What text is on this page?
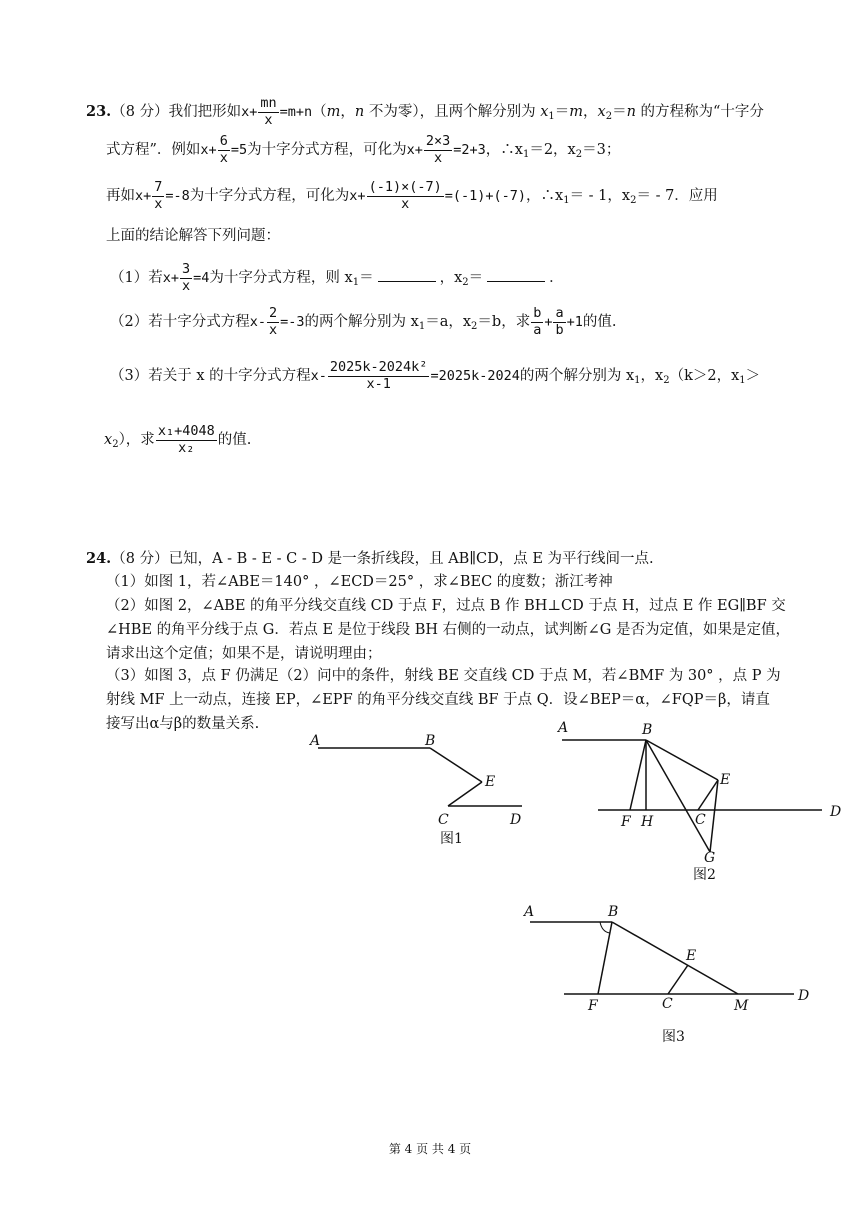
23.（8 分）我们把形如$x+ \frac{mn}{x} =m+n(m$，n 不为零），且两个解分别为 $x_1=m$，$x_2=n$ 的方程称为“十字分
式方程”．例如$x+ \frac{6}{x} =5$为十字分式方程，可化为$x+ \frac{2\times 3}{x} =2+3$，$\therefore x_1=2$，$x_2=3$；
再如$x+ \frac{7}{x} =-8$为十字分式方程，可化为$x+ \frac{(-1)\times(-7)}{x} =(-1)+(-7)$，$\therefore x_1= - 1$，$x_2= - 7$．应用
上面的结论解答下列问题：
（1）若$x+ \frac{3}{x} =4$为十字分式方程，则 $x_1=$	，$x_2=$	．
（2）若十字分式方程$x- \frac{2}{x} =-3$的两个解分别为 $x_1=a$，$x_2=b$，求 $\frac{b}{a} + \frac{a}{b} +1$的值.
（3）若关于 x 的十字分式方程$x- \frac{\text{2025k-2024k²}}{x-1} =2025k-2024$的两个解分别为 $x_1$，$x_2(k>2$，$x_1>$
$x_2$），求 $\frac{\text{x₁+4048}}{\text{x₂}}$ 的值.
24.（8 分）已知，A - B - E - C - D 是一条折线段，且 AB∥CD，点 E 为平行线间一点.
（1）如图 1，若∠ABE＝140° ，∠ECD＝25° ，求∠BEC 的度数；浙江考神
（2）如图 2，∠ABE 的角平分线交直线 CD 于点 F，过点 B 作 BH⊥CD 于点 H，过点 E 作 EG∥BF 交
∠HBE 的角平分线于点 G．若点 E 是位于线段 BH 右侧的一动点，试判断∠G 是否为定值，如果是定值，
请求出这个定值；如果不是，请说明理由；
（3）如图 3，点 F 仍满足（2）问中的条件，射线 BE 交直线 CD 于点 M，若∠BMF 为 30° ，点 P 为
射线 MF 上一动点，连接 EP，∠EPF 的角平分线交直线 BF 于点 Q．设∠BEP＝α，∠FQP＝β，请直
接写出α与β的数量关系.
A	B
E
C	D
图1
A	B
E
F H	C	D
G
图2
A	B
E
F	C	M
D
图3
第 4 页 共 4 页
